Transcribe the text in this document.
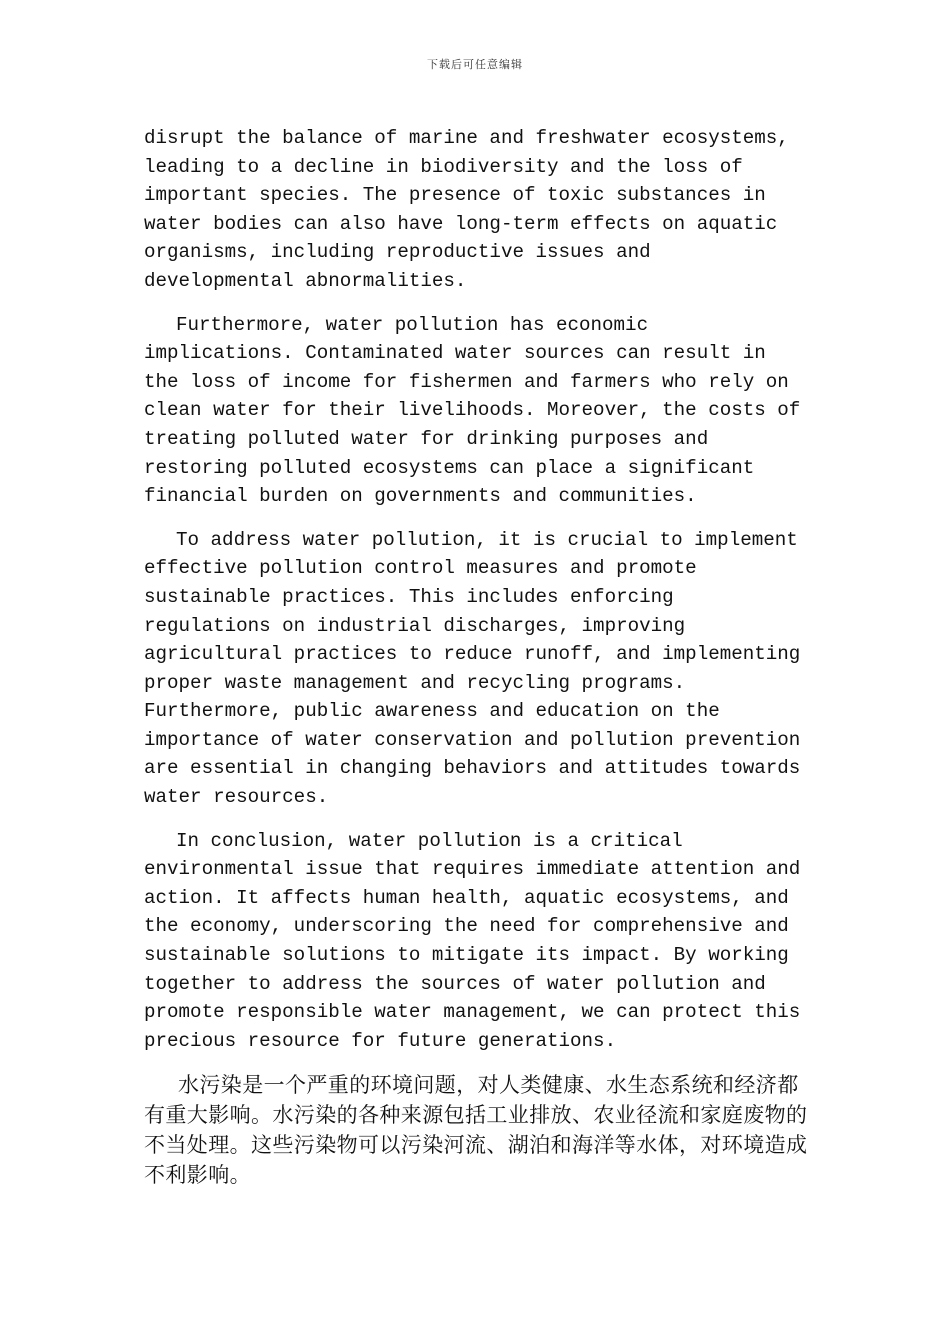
下载后可任意编辑

disrupt the balance of marine and freshwater ecosystems, leading to a decline in biodiversity and the loss of important species. The presence of toxic substances in water bodies can also have long-term effects on aquatic organisms, including reproductive issues and developmental abnormalities.

Furthermore, water pollution has economic implications. Contaminated water sources can result in the loss of income for fishermen and farmers who rely on clean water for their livelihoods. Moreover, the costs of treating polluted water for drinking purposes and restoring polluted ecosystems can place a significant financial burden on governments and communities.

To address water pollution, it is crucial to implement effective pollution control measures and promote sustainable practices. This includes enforcing regulations on industrial discharges, improving agricultural practices to reduce runoff, and implementing proper waste management and recycling programs. Furthermore, public awareness and education on the importance of water conservation and pollution prevention are essential in changing behaviors and attitudes towards water resources.

In conclusion, water pollution is a critical environmental issue that requires immediate attention and action. It affects human health, aquatic ecosystems, and the economy, underscoring the need for comprehensive and sustainable solutions to mitigate its impact. By working together to address the sources of water pollution and promote responsible water management, we can protect this precious resource for future generations.

水污染是一个严重的环境问题，对人类健康、水生态系统和经济都有重大影响。水污染的各种来源包括工业排放、农业径流和家庭废物的不当处理。这些污染物可以污染河流、湖泊和海洋等水体，对环境造成不利影响。
